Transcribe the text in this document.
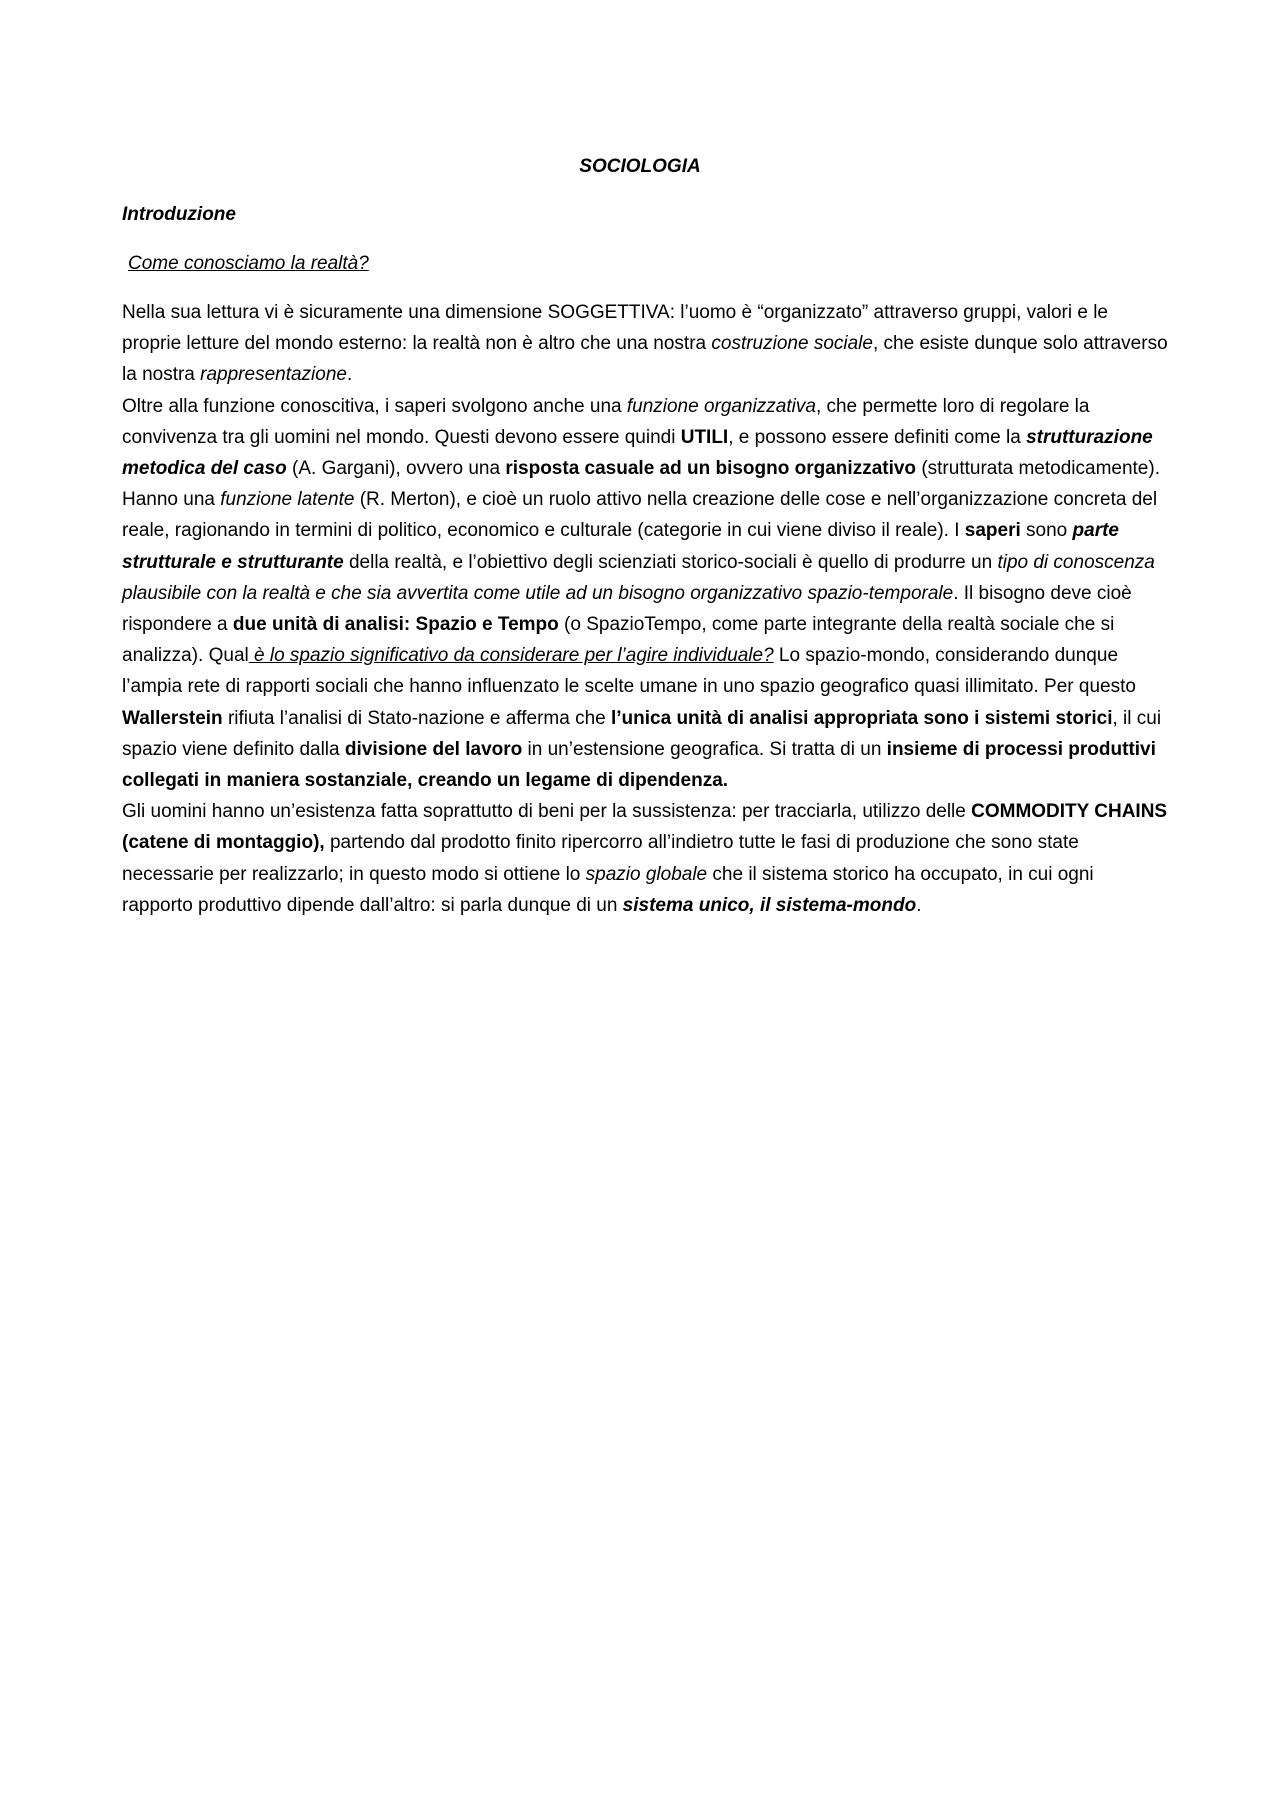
SOCIOLOGIA
Introduzione
Come conosciamo la realtà?

Nella sua lettura vi è sicuramente una dimensione SOGGETTIVA: l’uomo è “organizzato” attraverso gruppi, valori e le proprie letture del mondo esterno: la realtà non è altro che una nostra costruzione sociale, che esiste dunque solo attraverso la nostra rappresentazione.

Oltre alla funzione conoscitiva, i saperi svolgono anche una funzione organizzativa, che permette loro di regolare la convivenza tra gli uomini nel mondo. Questi devono essere quindi UTILI, e possono essere definiti come la strutturazione metodica del caso (A. Gargani), ovvero una risposta casuale ad un bisogno organizzativo (strutturata metodicamente). Hanno una funzione latente (R. Merton), e cioè un ruolo attivo nella creazione delle cose e nell’organizzazione concreta del reale, ragionando in termini di politico, economico e culturale (categorie in cui viene diviso il reale). I saperi sono parte strutturale e strutturante della realtà, e l’obiettivo degli scienziati storico-sociali è quello di produrre un tipo di conoscenza plausibile con la realtà e che sia avvertita come utile ad un bisogno organizzativo spazio-temporale. Il bisogno deve cioè rispondere a due unità di analisi: Spazio e Tempo (o SpazioTempo, come parte integrante della realtà sociale che si analizza). Qual è lo spazio significativo da considerare per l’agire individuale? Lo spazio-mondo, considerando dunque l’ampia rete di rapporti sociali che hanno influenzato le scelte umane in uno spazio geografico quasi illimitato. Per questo Wallerstein rifiuta l’analisi di Stato-nazione e afferma che l’unica unità di analisi appropriata sono i sistemi storici, il cui spazio viene definito dalla divisione del lavoro in un’estensione geografica. Si tratta di un insieme di processi produttivi collegati in maniera sostanziale, creando un legame di dipendenza.

Gli uomini hanno un’esistenza fatta soprattutto di beni per la sussistenza: per tracciarla, utilizzo delle COMMODITY CHAINS (catene di montaggio), partendo dal prodotto finito ripercorro all’indietro tutte le fasi di produzione che sono state necessarie per realizzarlo; in questo modo si ottiene lo spazio globale che il sistema storico ha occupato, in cui ogni rapporto produttivo dipende dall’altro: si parla dunque di un sistema unico, il sistema-mondo.
